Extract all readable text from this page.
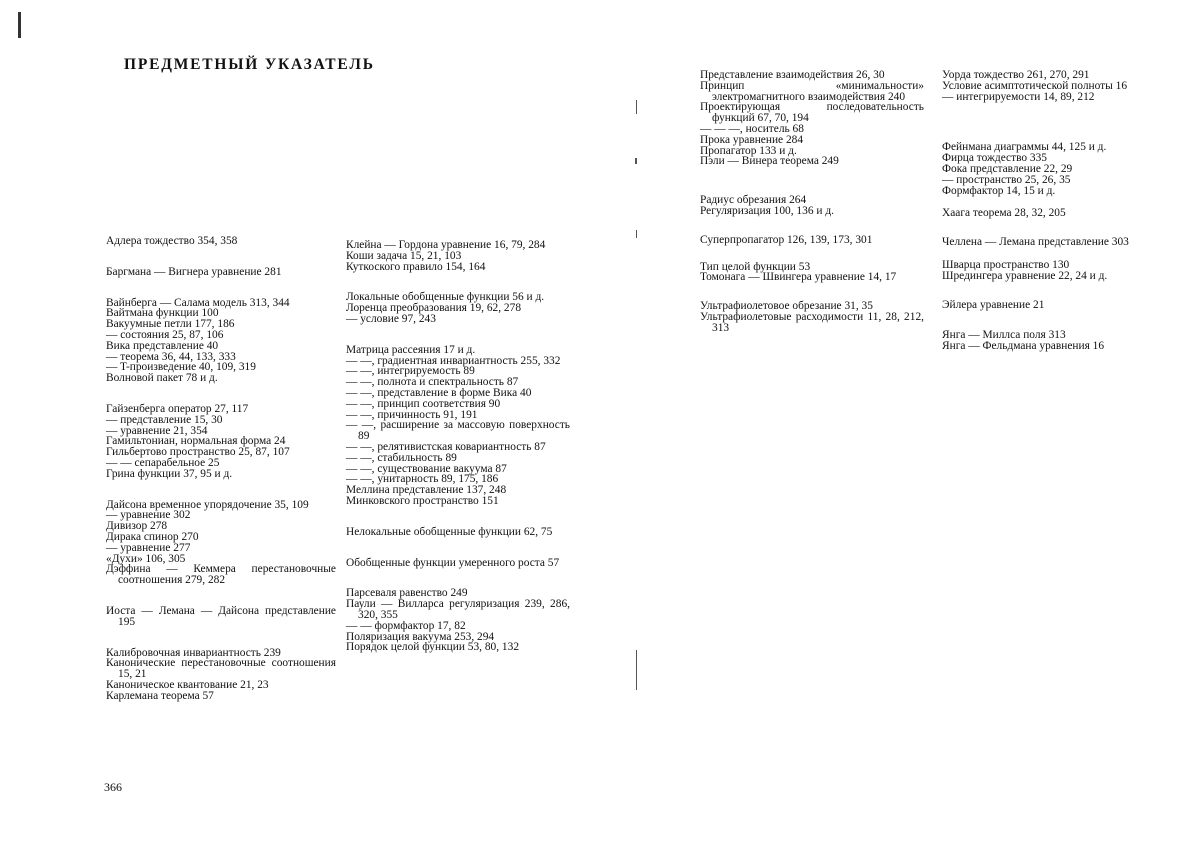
ПРЕДМЕТНЫЙ УКАЗАТЕЛЬ
Адлера тождество 354, 358
Баргмана — Вигнера уравнение 281
Вайнберга — Салама модель 313, 344
Вайтмана функции 100
Вакуумные петли 177, 186
— состояния 25, 87, 106
Вика представление 40
— теорема 36, 44, 133, 333
— T-произведение 40, 109, 319
Волновой пакет 78 и д.
Гайзенберга оператор 27, 117
— представление 15, 30
— уравнение 21, 354
Гамильтониан, нормальная форма 24
Гильбертово пространство 25, 87, 107
— — сепарабельное 25
Грина функции 37, 95 и д.
Дайсона временное упорядочение 35, 109
— уравнение 302
Дивизор 278
Дирака спинор 270
— уравнение 277
«Духи» 106, 305
Дэффина — Кеммера перестановочные соотношения 279, 282
Иоста — Лемана — Дайсона представление 195
Калибровочная инвариантность 239
Канонические перестановочные соотношения 15, 21
Каноническое квантование 21, 23
Карлемана теорема 57
Клейна — Гордона уравнение 16, 79, 284
Коши задача 15, 21, 103
Куткоского правило 154, 164
Локальные обобщенные функции 56 и д.
Лоренца преобразования 19, 62, 278
— условие 97, 243
Матрица рассеяния 17 и д.
— —, градиентная инвариантность 255, 332
— —, интегрируемость 89
— —, полнота и спектральность 87
— —, представление в форме Вика 40
— —, принцип соответствия 90
— —, причинность 91, 191
— —, расширение за массовую поверхность 89
— —, релятивистская ковариантность 87
— —, стабильность 89
— —, существование вакуума 87
— —, унитарность 89, 175, 186
Меллина представление 137, 248
Минковского пространство 151
Нелокальные обобщенные функции 62, 75
Обобщенные функции умеренного роста 57
Парсеваля равенство 249
Паули — Вилларса регуляризация 239, 286, 320, 355
— — формфактор 17, 82
Поляризация вакуума 253, 294
Порядок целой функции 53, 80, 132
Представление взаимодействия 26, 30
Принцип «минимальности» электромагнитного взаимодействия 240
Проектирующая последовательность функций 67, 70, 194
— — —, носитель 68
Прока уравнение 284
Пропагатор 133 и д.
Пэли — Винера теорема 249
Радиус обрезания 264
Регуляризация 100, 136 и д.
Суперпропагатор 126, 139, 173, 301
Тип целой функции 53
Томонага — Швингера уравнение 14, 17
Ультрафиолетовое обрезание 31, 35
Ультрафиолетовые расходимости 11, 28, 212, 313
Уорда тождество 261, 270, 291
Условие асимптотической полноты 16
— интегрируемости 14, 89, 212
Фейнмана диаграммы 44, 125 и д.
Фирца тождество 335
Фока представление 22, 29
— пространство 25, 26, 35
Формфактор 14, 15 и д.
Хаага теорема 28, 32, 205
Челлена — Лемана представление 303
Шварца пространство 130
Шредингера уравнение 22, 24 и д.
Эйлера уравнение 21
Янга — Миллса поля 313
Янга — Фельдмана уравнения 16
366
